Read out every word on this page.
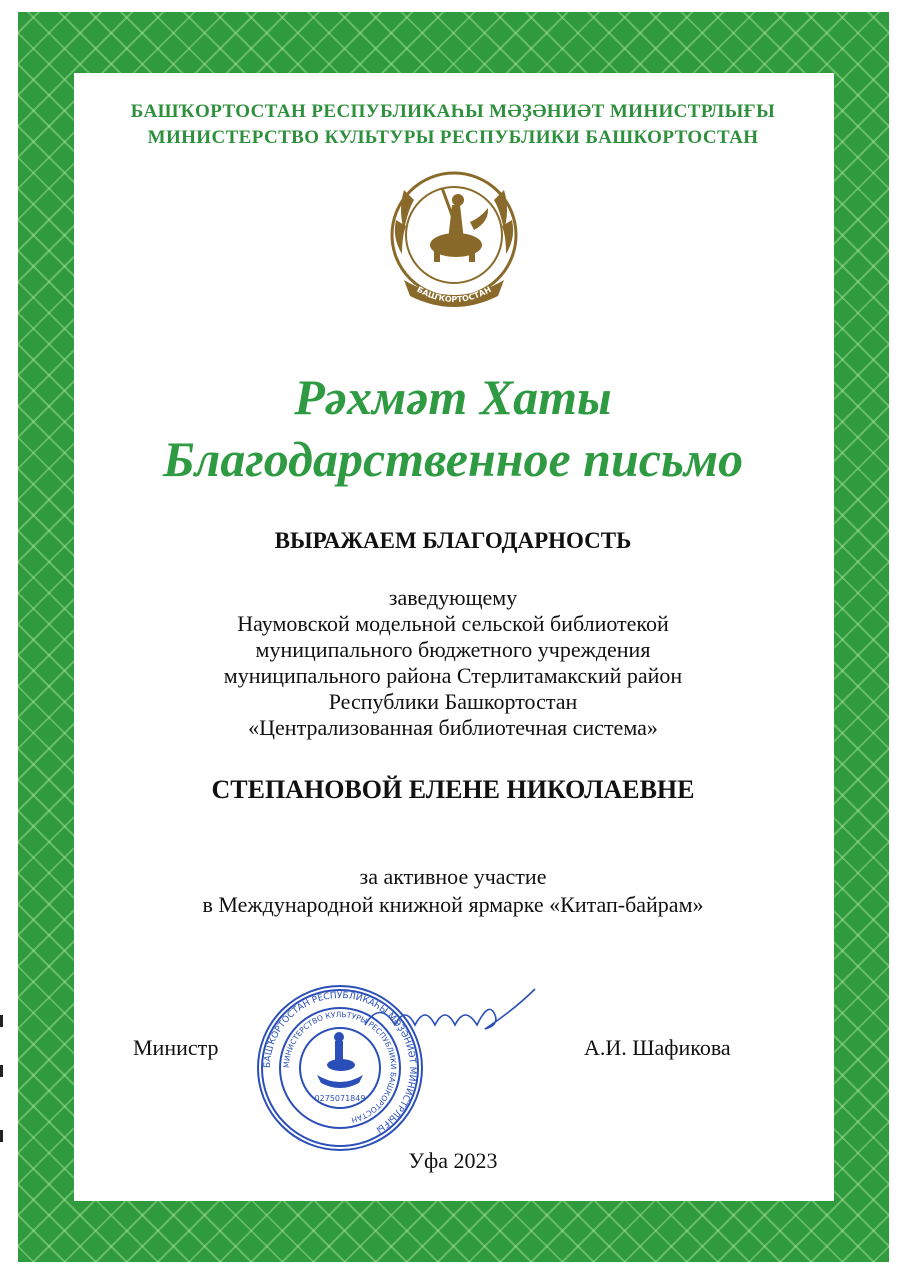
БАШҠОРТОСТАН РЕСПУБЛИКАҺЫ МӘҘӘНИӘТ МИНИСТРЛЫҒЫ
МИНИСТЕРСТВО КУЛЬТУРЫ РЕСПУБЛИКИ БАШКОРТОСТАН
БАШҠОРТОСТАН
Рәхмәт Хаты
Благодарственное письмо
ВЫРАЖАЕМ БЛАГОДАРНОСТЬ
заведующему
Наумовской модельной сельской библиотекой
муниципального бюджетного учреждения
муниципального района Стерлитамакский район
Республики Башкортостан
«Централизованная библиотечная система»
СТЕПАНОВОЙ ЕЛЕНЕ НИКОЛАЕВНЕ
за активное участие
в Международной книжной ярмарке «Китап-байрам»
Министр	А.И. Шафикова
БАШҠОРТОСТАН РЕСПУБЛИКАҺЫ МӘҘӘНИӘТ МИНИСТРЛЫҒЫ
МИНИСТЕРСТВО КУЛЬТУРЫ РЕСПУБЛИКИ БАШКОРТОСТАН
0275071849
Уфа 2023
